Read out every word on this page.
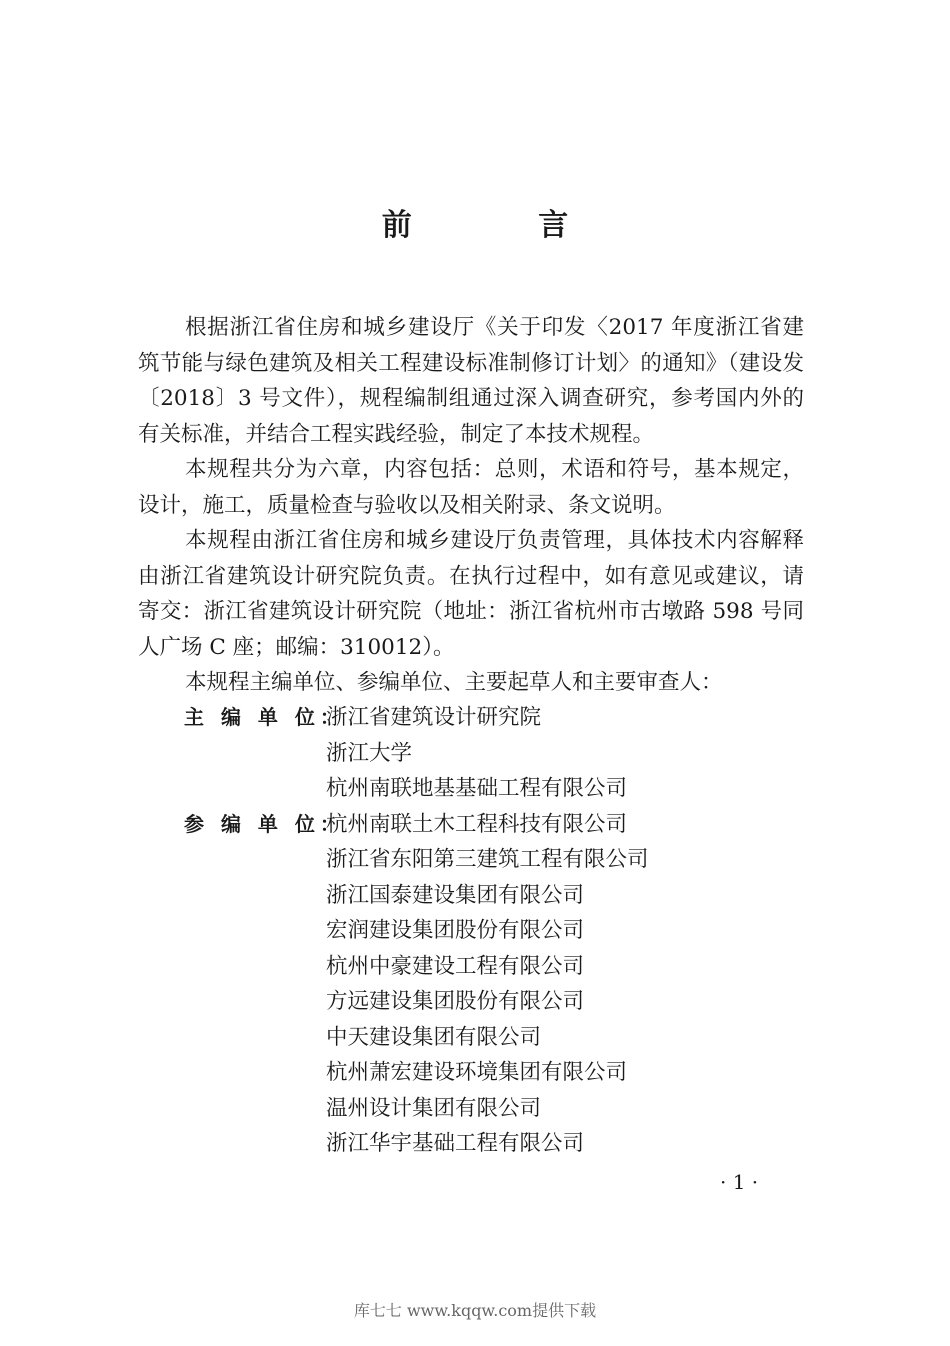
前 言

根据浙江省住房和城乡建设厅《关于印发〈2017 年度浙江省建筑节能与绿色建筑及相关工程建设标准制修订计划〉的通知》（建设发〔2018〕3 号文件），规程编制组通过深入调查研究，参考国内外的有关标准，并结合工程实践经验，制定了本技术规程。

本规程共分为六章，内容包括：总则，术语和符号，基本规定，设计，施工，质量检查与验收以及相关附录、条文说明。

本规程由浙江省住房和城乡建设厅负责管理，具体技术内容解释由浙江省建筑设计研究院负责。在执行过程中，如有意见或建议，请寄交：浙江省建筑设计研究院（地址：浙江省杭州市古墩路 598 号同人广场 C 座；邮编：310012）。

本规程主编单位、参编单位、主要起草人和主要审查人：

主 编 单 位：
浙江省建筑设计研究院
浙江大学
杭州南联地基基础工程有限公司
参 编 单 位：
杭州南联土木工程科技有限公司
浙江省东阳第三建筑工程有限公司
浙江国泰建设集团有限公司
宏润建设集团股份有限公司
杭州中豪建设工程有限公司
方远建设集团股份有限公司
中天建设集团有限公司
杭州萧宏建设环境集团有限公司
温州设计集团有限公司
浙江华宇基础工程有限公司
· 1 ·
库七七 www.kqqw.com提供下载
